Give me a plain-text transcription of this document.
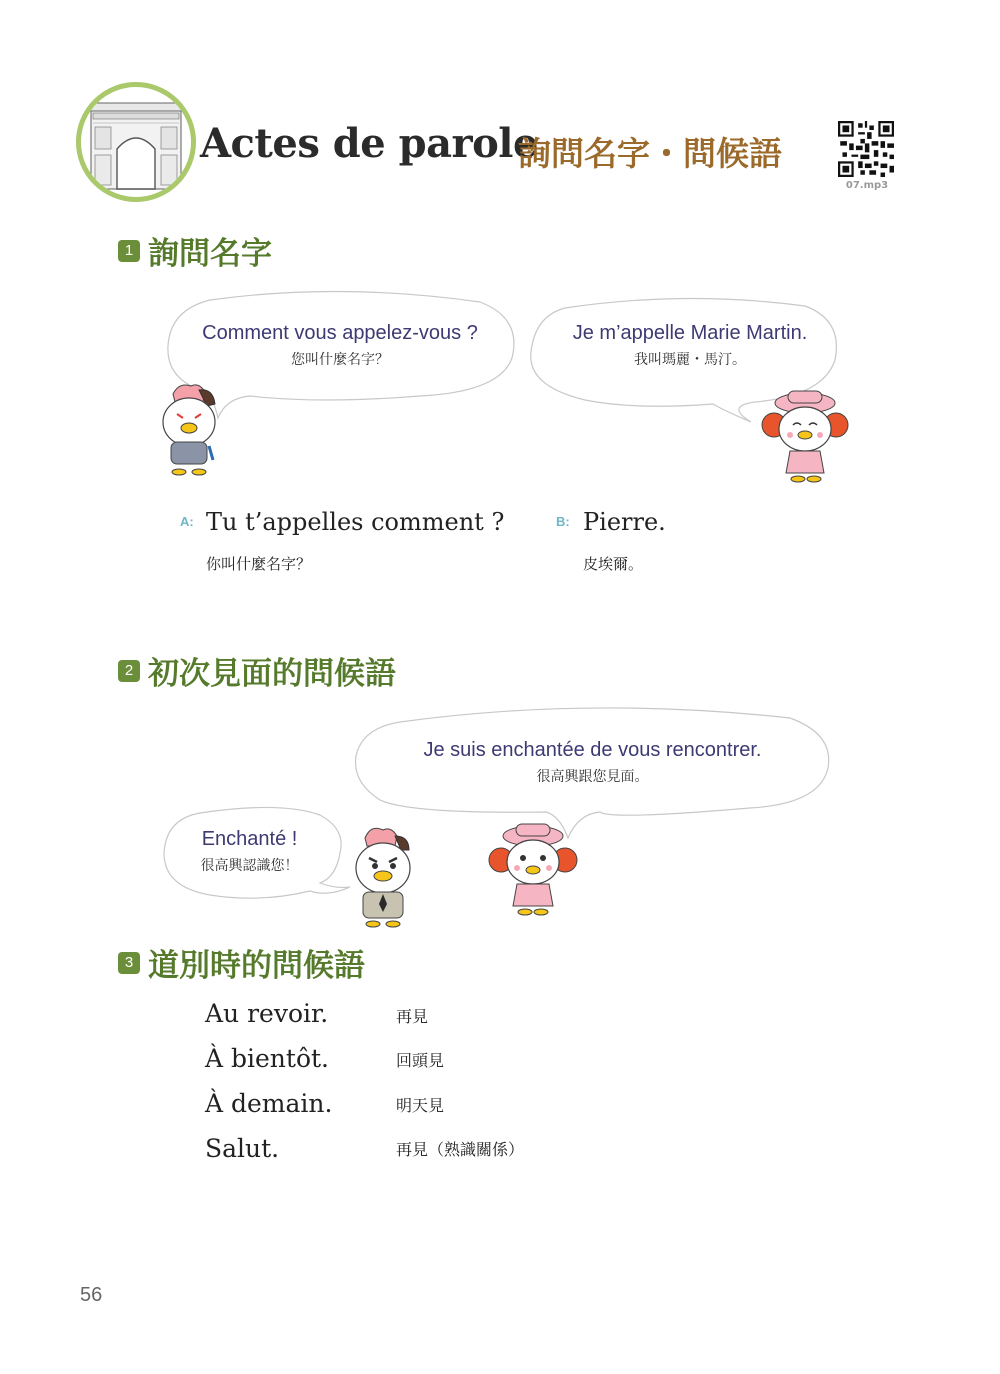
Actes de parole
詢問名字・問候語
07.mp3
1 詢問名字
Comment vous appelez-vous ?
您叫什麼名字？
Je m’appelle Marie Martin.
我叫瑪麗・馬汀。
A: Tu t’appelles comment ?
你叫什麼名字？
B: Pierre.
皮埃爾。
2 初次見面的問候語
Je suis enchantée de vous rencontrer.
很高興跟您見面。
Enchanté !
很高興認識您！
3 道別時的問候語
Au revoir.	再見
À bientôt.	回頭見
À demain.	明天見
Salut.	再見（熟識關係）
56
